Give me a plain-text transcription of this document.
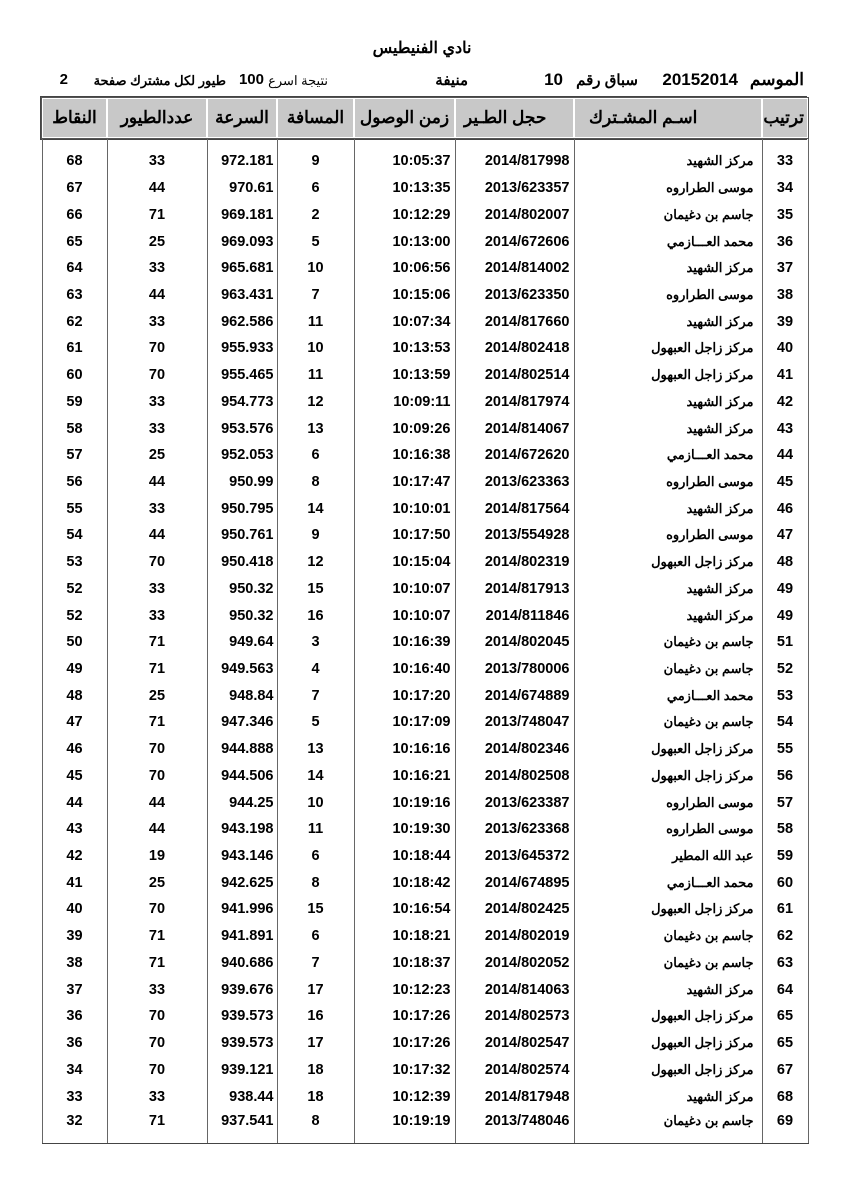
نادي الفنيطيس
الموسم
20152014
سباق رقم
10
منيفة
نتيجة اسرع
100
طيور لكل مشترك صفحة
2
ترتيب	اسـم المشـترك	حجل الطـير	زمن الوصول	المسافة	السرعة	عددالطيور	النقاط
33	مركز الشهيد	2014/817998	10:05:37	9	972.181	33	68
34	موسى الطراروه	2013/623357	10:13:35	6	970.61	44	67
35	جاسم بن دغيمان	2014/802007	10:12:29	2	969.181	71	66
36	محمد العـــازمي	2014/672606	10:13:00	5	969.093	25	65
37	مركز الشهيد	2014/814002	10:06:56	10	965.681	33	64
38	موسى الطراروه	2013/623350	10:15:06	7	963.431	44	63
39	مركز الشهيد	2014/817660	10:07:34	11	962.586	33	62
40	مركز زاجل العبهول	2014/802418	10:13:53	10	955.933	70	61
41	مركز زاجل العبهول	2014/802514	10:13:59	11	955.465	70	60
42	مركز الشهيد	2014/817974	10:09:11	12	954.773	33	59
43	مركز الشهيد	2014/814067	10:09:26	13	953.576	33	58
44	محمد العـــازمي	2014/672620	10:16:38	6	952.053	25	57
45	موسى الطراروه	2013/623363	10:17:47	8	950.99	44	56
46	مركز الشهيد	2014/817564	10:10:01	14	950.795	33	55
47	موسى الطراروه	2013/554928	10:17:50	9	950.761	44	54
48	مركز زاجل العبهول	2014/802319	10:15:04	12	950.418	70	53
49	مركز الشهيد	2014/817913	10:10:07	15	950.32	33	52
49	مركز الشهيد	2014/811846	10:10:07	16	950.32	33	52
51	جاسم بن دغيمان	2014/802045	10:16:39	3	949.64	71	50
52	جاسم بن دغيمان	2013/780006	10:16:40	4	949.563	71	49
53	محمد العـــازمي	2014/674889	10:17:20	7	948.84	25	48
54	جاسم بن دغيمان	2013/748047	10:17:09	5	947.346	71	47
55	مركز زاجل العبهول	2014/802346	10:16:16	13	944.888	70	46
56	مركز زاجل العبهول	2014/802508	10:16:21	14	944.506	70	45
57	موسى الطراروه	2013/623387	10:19:16	10	944.25	44	44
58	موسى الطراروه	2013/623368	10:19:30	11	943.198	44	43
59	عبد الله المطير	2013/645372	10:18:44	6	943.146	19	42
60	محمد العـــازمي	2014/674895	10:18:42	8	942.625	25	41
61	مركز زاجل العبهول	2014/802425	10:16:54	15	941.996	70	40
62	جاسم بن دغيمان	2014/802019	10:18:21	6	941.891	71	39
63	جاسم بن دغيمان	2014/802052	10:18:37	7	940.686	71	38
64	مركز الشهيد	2014/814063	10:12:23	17	939.676	33	37
65	مركز زاجل العبهول	2014/802573	10:17:26	16	939.573	70	36
65	مركز زاجل العبهول	2014/802547	10:17:26	17	939.573	70	36
67	مركز زاجل العبهول	2014/802574	10:17:32	18	939.121	70	34
68	مركز الشهيد	2014/817948	10:12:39	18	938.44	33	33
69	جاسم بن دغيمان	2013/748046	10:19:19	8	937.541	71	32
